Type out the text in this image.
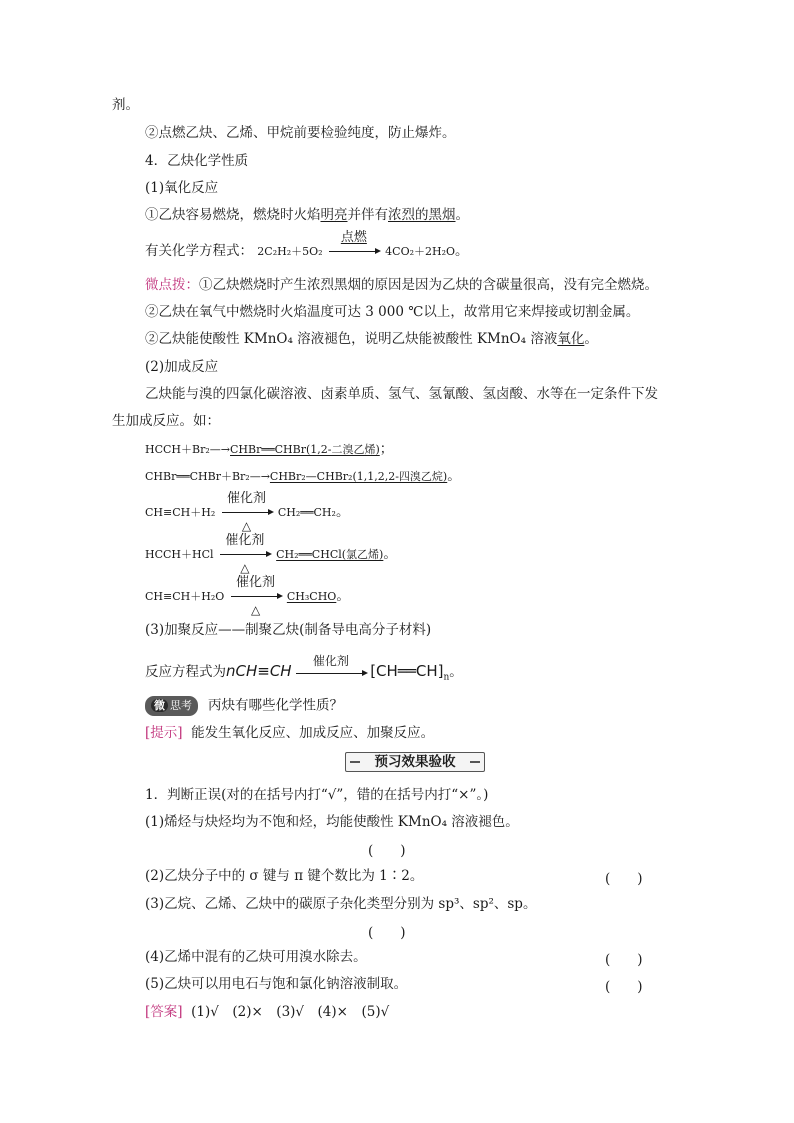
剂。
②点燃乙炔、乙烯、甲烷前要检验纯度，防止爆炸。
4．乙炔化学性质
(1)氧化反应
①乙炔容易燃烧，燃烧时火焰明亮并伴有浓烈的黑烟。
有关化学方程式： 2C₂H₂＋5O₂
点燃
4CO₂＋2H₂O。
微点拨：①乙炔燃烧时产生浓烈黑烟的原因是因为乙炔的含碳量很高，没有完全燃烧。
②乙炔在氧气中燃烧时火焰温度可达 3 000 ℃以上，故常用它来焊接或切割金属。
②乙炔能使酸性 KMnO₄ 溶液褪色，说明乙炔能被酸性 KMnO₄ 溶液氧化。
(2)加成反应
乙炔能与溴的四氯化碳溶液、卤素单质、氢气、氢氰酸、氢卤酸、水等在一定条件下发
生加成反应。如：
HCCH＋Br₂—→CHBr══CHBr(1,2-二溴乙烯)；
CHBr══CHBr＋Br₂—→CHBr₂—CHBr₂(1,1,2,2-四溴乙烷)。
CH≡CH＋H₂
催化剂
△
CH₂══CH₂。
HCCH＋HCl
催化剂
△
CH₂══CHCl(氯乙烯)。
CH≡CH＋H₂O
催化剂
△
CH₃CHO。
(3)加聚反应——制聚乙炔(制备导电高分子材料)
反应方程式为nCH≡CH
催化剂
$[CH══CH]_n$。
微 思考 丙炔有哪些化学性质？
[提示] 能发生氧化反应、加成反应、加聚反应。
预习效果验收
1．判断正误(对的在括号内打“√”，错的在括号内打“×”。)
(1)烯烃与炔烃均为不饱和烃，均能使酸性 KMnO₄ 溶液褪色。
(　　)
(2)乙炔分子中的 σ 键与 π 键个数比为 1∶2。	(　　)
(3)乙烷、乙烯、乙炔中的碳原子杂化类型分别为 sp³、sp²、sp。
(　　)
(4)乙烯中混有的乙炔可用溴水除去。	(　　)
(5)乙炔可以用电石与饱和氯化钠溶液制取。	(　　)
[答案] (1)√　(2)×　(3)√　(4)×　(5)√
